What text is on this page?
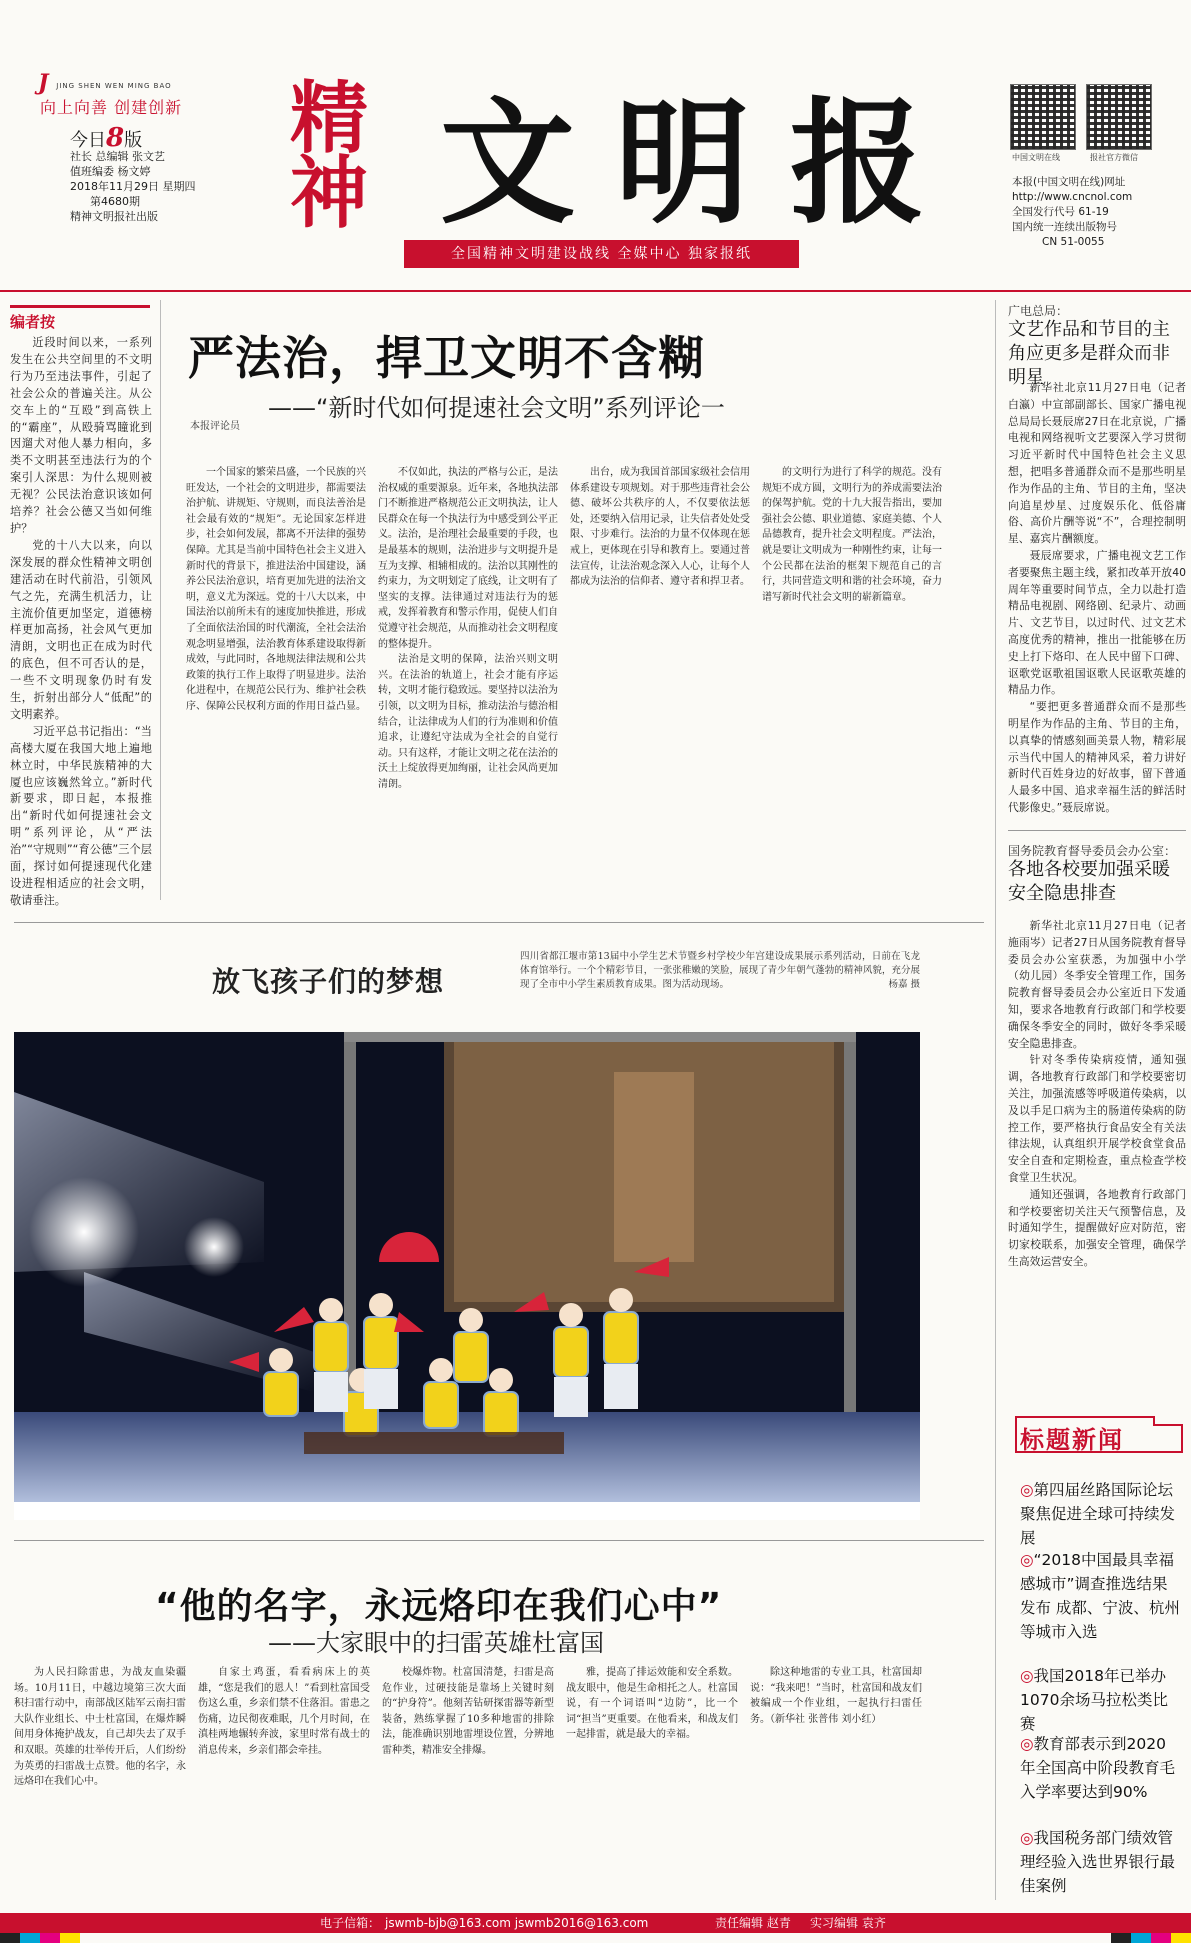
J JING SHEN WEN MING BAO
向上向善 创建创新
今日8版
社长 总编辑 张文艺
值班编委 杨文婷
2018年11月29日 星期四
第4680期
精神文明报社出版
精
神 文 明 报
全国精神文明建设战线 全媒中心 独家报纸
中国文明在线	报社官方微信
本报(中国文明在线)网址
http://www.cncnol.com
全国发行代号 61-19
国内统一连续出版物号
CN 51-0055
编者按

近段时间以来，一系列发生在公共空间里的不文明行为乃至违法事件，引起了社会公众的普遍关注。从公交车上的“互殴”到高铁上的“霸座”，从殴骑骂瞳讹到因遛犬对他人暴力相向，多类不文明甚至违法行为的个案引人深思：为什么规则被无视？公民法治意识该如何培养？社会公德又当如何维护？

党的十八大以来，向以深发展的群众性精神文明创建活动在时代前沿，引领风气之先，充满生机活力，让主流价值更加坚定，道德榜样更加高扬，社会风气更加清朗，文明也正在成为时代的底色，但不可否认的是，一些不文明现象仍时有发生，折射出部分人“低配”的文明素养。

习近平总书记指出：“当高楼大厦在我国大地上遍地林立时，中华民族精神的大厦也应该巍然耸立。”新时代新要求，即日起，本报推出“新时代如何提速社会文明”系列评论，从“严法治”“守规则”“育公德”三个层面，探讨如何提速现代化建设进程相适应的社会文明，敬请垂注。

严法治，捍卫文明不含糊
——“新时代如何提速社会文明”系列评论一
本报评论员

一个国家的繁荣昌盛，一个民族的兴旺发达，一个社会的文明进步，都需要法治护航、讲规矩、守规则，而良法善治是社会最有效的“规矩”。无论国家怎样进步，社会如何发展，都离不开法律的强势保障。尤其是当前中国特色社会主义进入新时代的背景下，推进法治中国建设，涵养公民法治意识，培育更加先进的法治文明，意义尤为深远。党的十八大以来，中国法治以前所未有的速度加快推进，形成了全面依法治国的时代潮流，全社会法治观念明显增强，法治教育体系建设取得新成效，与此同时，各地规法律法规和公共政策的执行工作上取得了明显进步。法治化进程中，在规范公民行为、维护社会秩序、保障公民权利方面的作用日益凸显。

不仅如此，执法的严格与公正，是法治权威的重要源泉。近年来，各地执法部门不断推进严格规范公正文明执法，让人民群众在每一个执法行为中感受到公平正义。法治，是治理社会最重要的手段，也是最基本的规则，法治进步与文明提升是互为支撑、相辅相成的。法治以其刚性的约束力，为文明划定了底线，让文明有了坚实的支撑。法律通过对违法行为的惩戒，发挥着教育和警示作用，促使人们自觉遵守社会规范，从而推动社会文明程度的整体提升。

法治是文明的保障，法治兴则文明兴。在法治的轨道上，社会才能有序运转，文明才能行稳致远。要坚持以法治为引领，以文明为目标，推动法治与德治相结合，让法律成为人们的行为准则和价值追求，让遵纪守法成为全社会的自觉行动。只有这样，才能让文明之花在法治的沃土上绽放得更加绚丽，让社会风尚更加清朗。

出台，成为我国首部国家级社会信用体系建设专项规划。对于那些违背社会公德、破坏公共秩序的人，不仅要依法惩处，还要纳入信用记录，让失信者处处受限、寸步难行。法治的力量不仅体现在惩戒上，更体现在引导和教育上。要通过普法宣传，让法治观念深入人心，让每个人都成为法治的信仰者、遵守者和捍卫者。

的文明行为进行了科学的规范。没有规矩不成方圆，文明行为的养成需要法治的保驾护航。党的十九大报告指出，要加强社会公德、职业道德、家庭美德、个人品德教育，提升社会文明程度。严法治，就是要让文明成为一种刚性约束，让每一个公民都在法治的框架下规范自己的言行，共同营造文明和谐的社会环境，奋力谱写新时代社会文明的崭新篇章。

放飞孩子们的梦想
四川省都江堰市第13届中小学生艺术节暨乡村学校少年宫建设成果展示系列活动，日前在飞龙体育馆举行。一个个精彩节目，一张张稚嫩的笑脸，展现了青少年朝气蓬勃的精神风貌，充分展现了全市中小学生素质教育成果。图为活动现场。	杨嘉 摄
“他的名字，永远烙印在我们心中”
——大家眼中的扫雷英雄杜富国

为人民扫除雷患，为战友血染疆场。10月11日，中越边境第三次大面积扫雷行动中，南部战区陆军云南扫雷大队作业组长、中士杜富国，在爆炸瞬间用身体掩护战友，自己却失去了双手和双眼。英雄的壮举传开后，人们纷纷为英勇的扫雷战士点赞。他的名字，永远烙印在我们心中。

自家土鸡蛋，看看病床上的英雄，“您是我们的恩人！”看到杜富国受伤这么重，乡亲们禁不住落泪。雷患之伤痛，边民彻夜难眠，几个月时间，在滇桂两地辗转奔波，家里时常有战士的消息传来，乡亲们都会牵挂。

校爆炸物。杜富国清楚，扫雷是高危作业，过硬技能是靠场上关键时刻的“护身符”。他刻苦钻研探雷器等新型装备，熟练掌握了10多种地雷的排除法，能准确识别地雷埋设位置，分辨地雷种类，精准安全排爆。

雅，提高了排运效能和安全系数。战友眼中，他是生命相托之人。杜富国说，有一个词语叫“边防”，比一个词“担当”更重要。在他看来，和战友们一起排雷，就是最大的幸福。

除这种地雷的专业工具，杜富国却说：“我来吧！”当时，杜富国和战友们被编成一个作业组，一起执行扫雷任务。（新华社 张普伟 刘小红）

广电总局：
文艺作品和节目的主角应更多是群众而非明星

新华社北京11月27日电（记者白瀛）中宣部副部长、国家广播电视总局局长聂辰席27日在北京说，广播电视和网络视听文艺要深入学习贯彻习近平新时代中国特色社会主义思想，把唱多普通群众而不是那些明星作为作品的主角、节目的主角，坚决向追星炒星、过度娱乐化、低俗庸俗、高价片酬等说“不”，合理控制明星、嘉宾片酬额度。

聂辰席要求，广播电视文艺工作者要聚焦主题主线，紧扣改革开放40周年等重要时间节点，全力以赴打造精品电视剧、网络剧、纪录片、动画片、文艺节目，以过时代、过文艺术高度优秀的精神，推出一批能够在历史上打下烙印、在人民中留下口碑、讴歌党讴歌祖国讴歌人民讴歌英雄的精品力作。

“要把更多普通群众而不是那些明星作为作品的主角、节目的主角，以真挚的情感刻画美景人物，精彩展示当代中国人的精神风采，着力讲好新时代百姓身边的好故事，留下普通人最多中国、追求幸福生活的鲜活时代影像史。”聂辰席说。

国务院教育督导委员会办公室：
各地各校要加强采暖安全隐患排查

新华社北京11月27日电（记者施雨岑）记者27日从国务院教育督导委员会办公室获悉，为加强中小学（幼儿园）冬季安全管理工作，国务院教育督导委员会办公室近日下发通知，要求各地教育行政部门和学校要确保冬季安全的同时，做好冬季采暖安全隐患排查。

针对冬季传染病疫情，通知强调，各地教育行政部门和学校要密切关注，加强流感等呼吸道传染病，以及以手足口病为主的肠道传染病的防控工作，要严格执行食品安全有关法律法规，认真组织开展学校食堂食品安全自查和定期检查，重点检查学校食堂卫生状况。

通知还强调，各地教育行政部门和学校要密切关注天气预警信息，及时通知学生，提醒做好应对防范，密切家校联系，加强安全管理，确保学生高效运营安全。

标题新闻
◎第四届丝路国际论坛聚焦促进全球可持续发展
◎“2018中国最具幸福感城市”调查推选结果发布 成都、宁波、杭州等城市入选
◎我国2018年已举办1070余场马拉松类比赛
◎教育部表示到2020年全国高中阶段教育毛入学率要达到90%
◎我国税务部门绩效管理经验入选世界银行最佳案例
电子信箱： jswmb-bjb@163.com jswmb2016@163.com	责任编辑 赵青 实习编辑 袁齐
